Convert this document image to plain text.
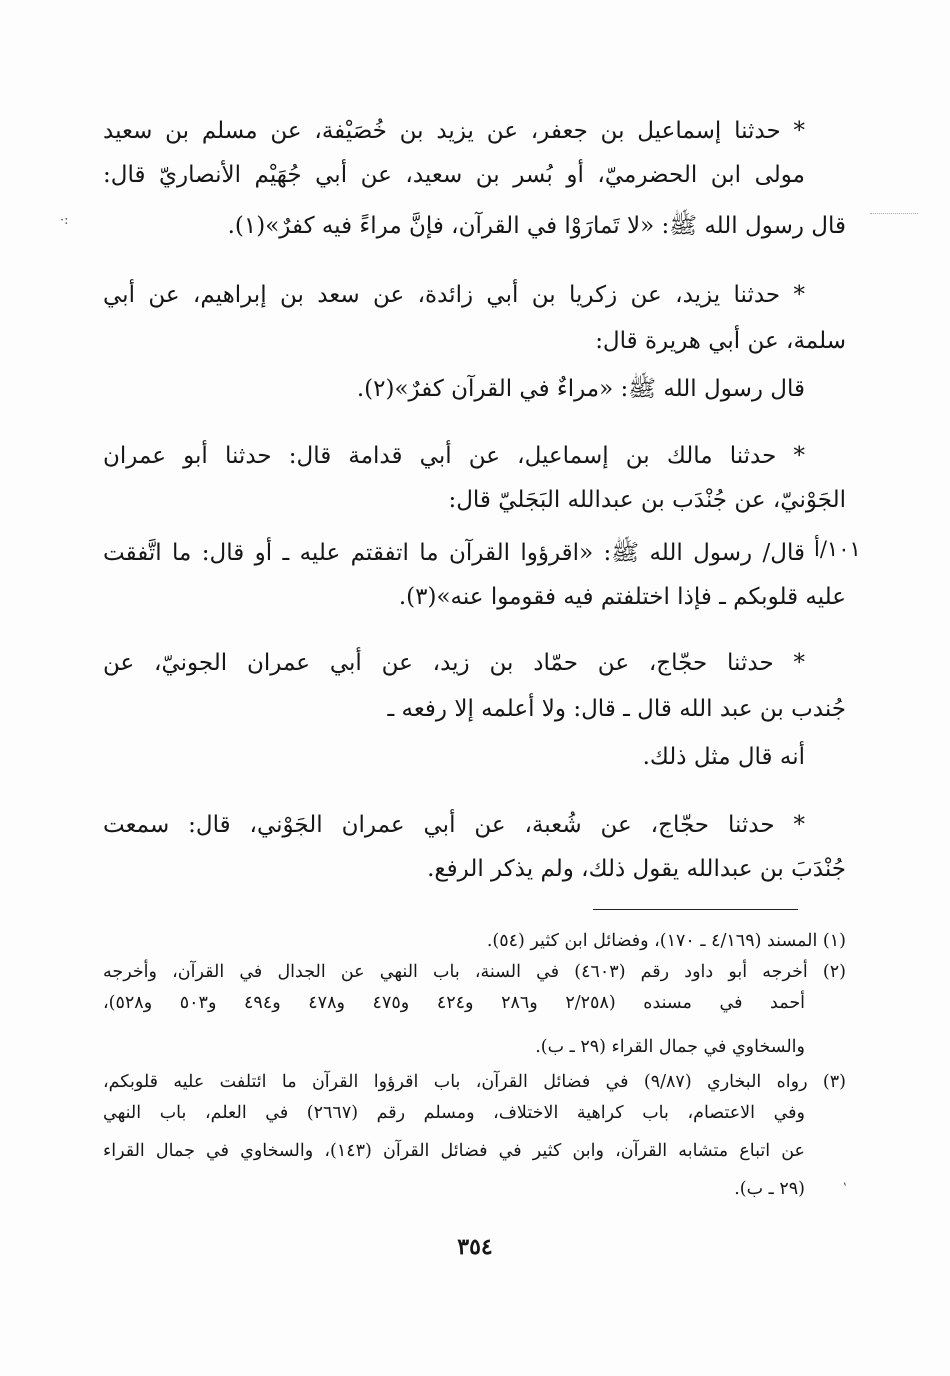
* حدثنا إسماعيل بن جعفر، عن يزيد بن خُصَيْفة، عن مسلم بن سعيد
مولى ابن الحضرميّ، أو بُسر بن سعيد، عن أبي جُهَيْم الأنصاريّ قال:
قال رسول الله ﷺ: «لا تَمارَوْا في القرآن، فإنَّ مراءً فيه كفرٌ»(١).
* حدثنا يزيد، عن زكريا بن أبي زائدة، عن سعد بن إبراهيم، عن أبي
سلمة، عن أبي هريرة قال:
قال رسول الله ﷺ: «مراءٌ في القرآن كفرٌ»(٢).
* حدثنا مالك بن إسماعيل، عن أبي قدامة قال: حدثنا أبو عمران
الجَوْنيّ، عن جُنْدَب بن عبدالله البَجَليّ قال:
قال/ رسول الله ﷺ: «اقرؤوا القرآن ما اتفقتم عليه ـ أو قال: ما اتَّفقت
عليه قلوبكم ـ فإذا اختلفتم فيه فقوموا عنه»(٣).
* حدثنا حجّاج، عن حمّاد بن زيد، عن أبي عمران الجونيّ، عن
جُندب بن عبد الله قال ـ قال: ولا أعلمه إلا رفعه ـ
أنه قال مثل ذلك.
* حدثنا حجّاج، عن شُعبة، عن أبي عمران الجَوْني، قال: سمعت
جُنْدَبَ بن عبدالله يقول ذلك، ولم يذكر الرفع.
١٠١/أ
(١) المسند (٤/١٦٩ ـ ١٧٠)، وفضائل ابن كثير (٥٤).
(٢) أخرجه أبو داود رقم (٤٦٠٣) في السنة، باب النهي عن الجدال في القرآن، وأخرجه
أحمد في مسنده (٢/٢٥٨ و٢٨٦ و٤٢٤ و٤٧٥ و٤٧٨ و٤٩٤ و٥٠٣ و٥٢٨)،
والسخاوي في جمال القراء (٢٩ ـ ب).
(٣) رواه البخاري (٩/٨٧) في فضائل القرآن، باب اقرؤوا القرآن ما ائتلفت عليه قلوبكم،
وفي الاعتصام، باب كراهية الاختلاف، ومسلم رقم (٢٦٦٧) في العلم، باب النهي
عن اتباع متشابه القرآن، وابن كثير في فضائل القرآن (١٤٣)، والسخاوي في جمال القراء
(٢٩ ـ ب).
٣٥٤
·:
‛
